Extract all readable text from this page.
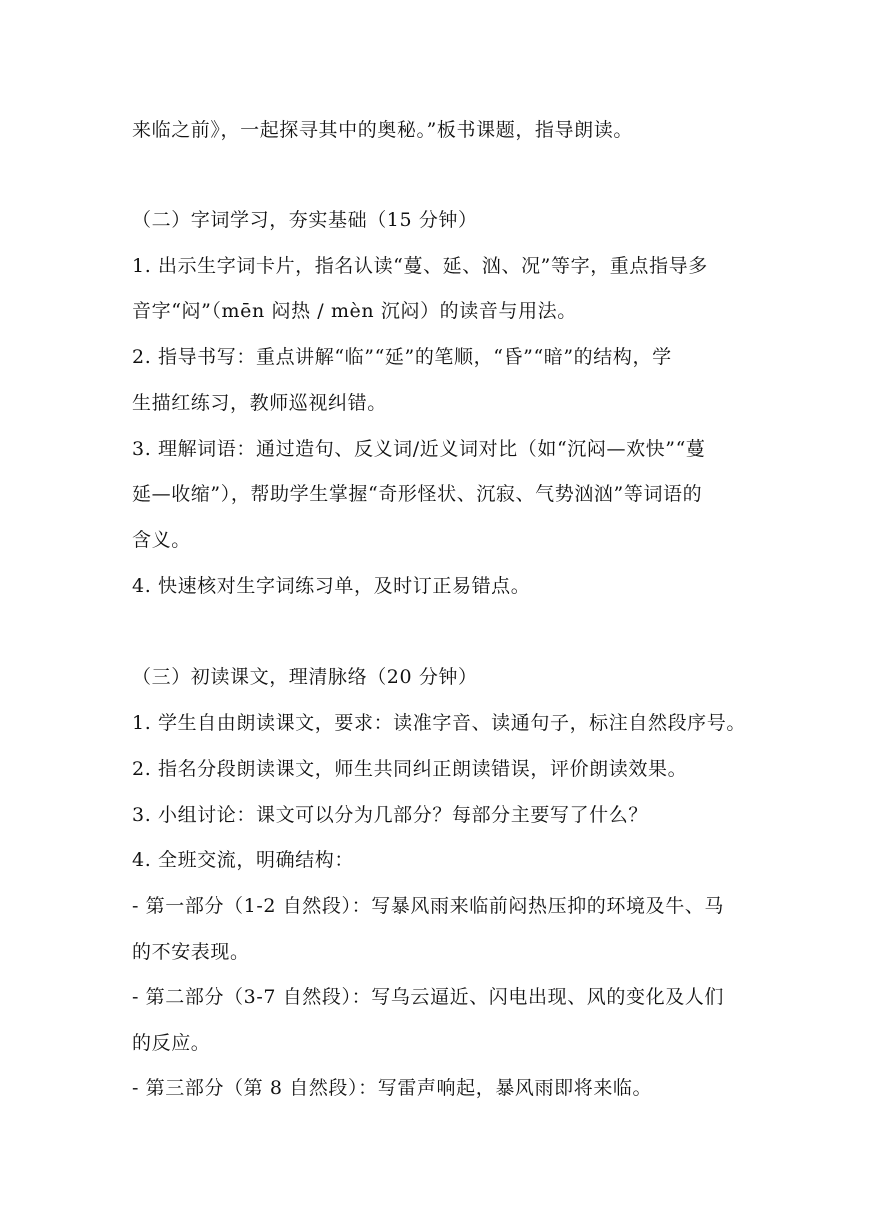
来临之前》，一起探寻其中的奥秘。”板书课题，指导朗读。
（二）字词学习，夯实基础（15 分钟）
1. 出示生字词卡片，指名认读“蔓、延、汹、况”等字，重点指导多
音字“闷”（mēn 闷热 / mèn 沉闷）的读音与用法。
2. 指导书写：重点讲解“临”“延”的笔顺，“昏”“暗”的结构，学
生描红练习，教师巡视纠错。
3. 理解词语：通过造句、反义词/近义词对比（如“沉闷—欢快”“蔓
延—收缩”），帮助学生掌握“奇形怪状、沉寂、气势汹汹”等词语的
含义。
4. 快速核对生字词练习单，及时订正易错点。
（三）初读课文，理清脉络（20 分钟）
1. 学生自由朗读课文，要求：读准字音、读通句子，标注自然段序号。
2. 指名分段朗读课文，师生共同纠正朗读错误，评价朗读效果。
3. 小组讨论：课文可以分为几部分？每部分主要写了什么？
4. 全班交流，明确结构：
- 第一部分（1-2 自然段）：写暴风雨来临前闷热压抑的环境及牛、马
的不安表现。
- 第二部分（3-7 自然段）：写乌云逼近、闪电出现、风的变化及人们
的反应。
- 第三部分（第 8 自然段）：写雷声响起，暴风雨即将来临。
